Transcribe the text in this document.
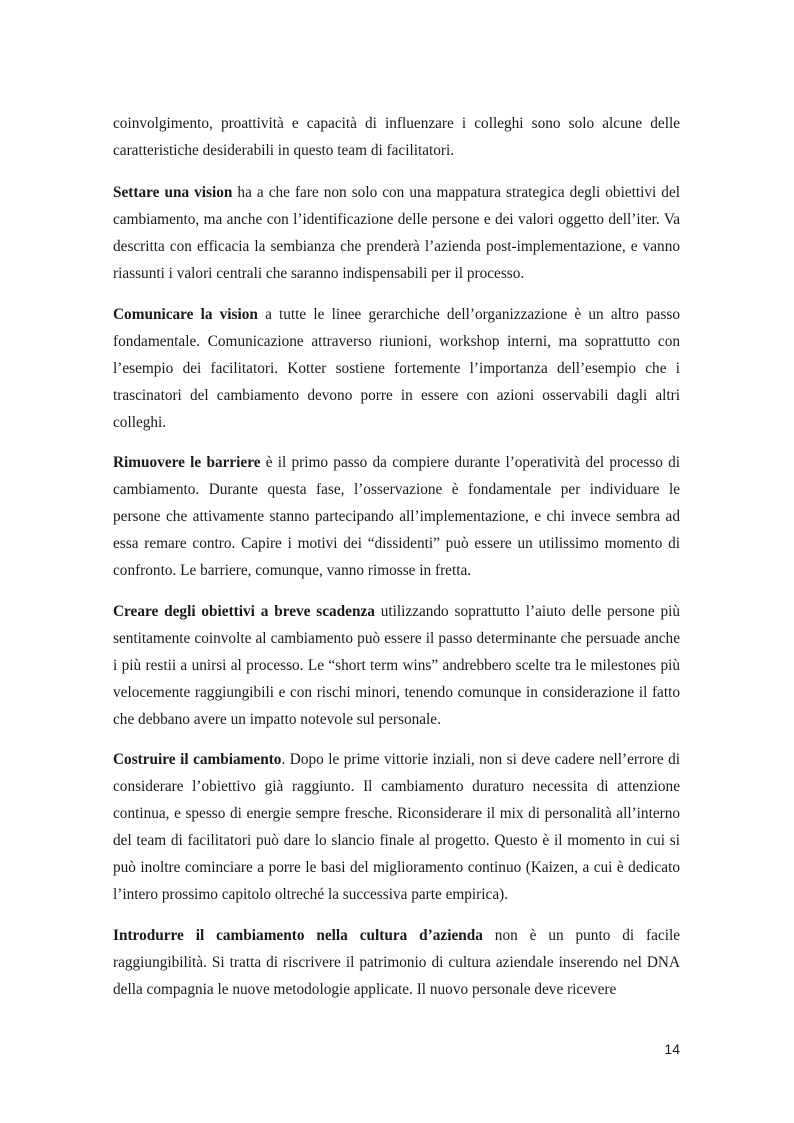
coinvolgimento, proattività e capacità di influenzare i colleghi sono solo alcune delle caratteristiche desiderabili in questo team di facilitatori.

Settare una vision ha a che fare non solo con una mappatura strategica degli obiettivi del cambiamento, ma anche con l’identificazione delle persone e dei valori oggetto dell’iter. Va descritta con efficacia la sembianza che prenderà l’azienda post-implementazione, e vanno riassunti i valori centrali che saranno indispensabili per il processo.

Comunicare la vision a tutte le linee gerarchiche dell’organizzazione è un altro passo fondamentale. Comunicazione attraverso riunioni, workshop interni, ma soprattutto con l’esempio dei facilitatori. Kotter sostiene fortemente l’importanza dell’esempio che i trascinatori del cambiamento devono porre in essere con azioni osservabili dagli altri colleghi.

Rimuovere le barriere è il primo passo da compiere durante l’operatività del processo di cambiamento. Durante questa fase, l’osservazione è fondamentale per individuare le persone che attivamente stanno partecipando all’implementazione, e chi invece sembra ad essa remare contro. Capire i motivi dei “dissidenti” può essere un utilissimo momento di confronto. Le barriere, comunque, vanno rimosse in fretta.

Creare degli obiettivi a breve scadenza utilizzando soprattutto l’aiuto delle persone più sentitamente coinvolte al cambiamento può essere il passo determinante che persuade anche i più restii a unirsi al processo. Le “short term wins” andrebbero scelte tra le milestones più velocemente raggiungibili e con rischi minori, tenendo comunque in considerazione il fatto che debbano avere un impatto notevole sul personale.

Costruire il cambiamento. Dopo le prime vittorie inziali, non si deve cadere nell’errore di considerare l’obiettivo già raggiunto. Il cambiamento duraturo necessita di attenzione continua, e spesso di energie sempre fresche. Riconsiderare il mix di personalità all’interno del team di facilitatori può dare lo slancio finale al progetto. Questo è il momento in cui si può inoltre cominciare a porre le basi del miglioramento continuo (Kaizen, a cui è dedicato l’intero prossimo capitolo oltreché la successiva parte empirica).

Introdurre il cambiamento nella cultura d’azienda non è un punto di facile raggiungibilità. Si tratta di riscrivere il patrimonio di cultura aziendale inserendo nel DNA della compagnia le nuove metodologie applicate. Il nuovo personale deve ricevere

14
